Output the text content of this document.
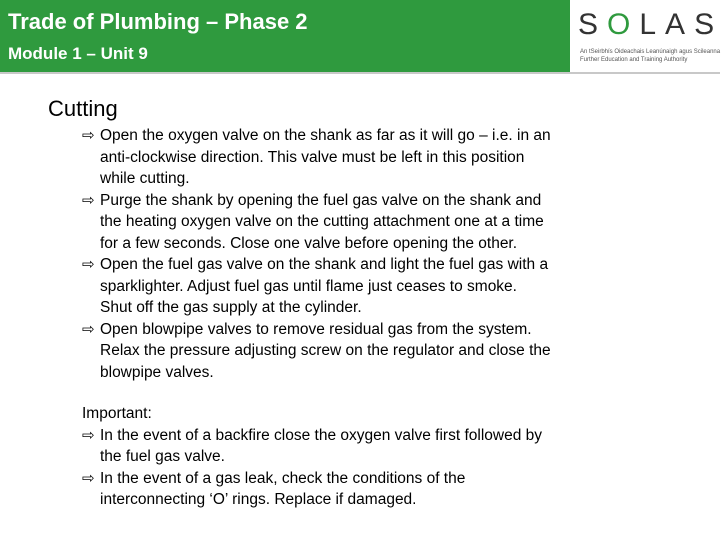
Trade of Plumbing – Phase 2
Module 1 – Unit 9
SOLAS
An tSeirbhís Oideachais Leanúnaigh agus Scileanna
Further Education and Training Authority
Cutting
⇨ Open the oxygen valve on the shank as far as it will go – i.e. in an
anti-clockwise direction. This valve must be left in this position
while cutting.
⇨ Purge the shank by opening the fuel gas valve on the shank and
the heating oxygen valve on the cutting attachment one at a time
for a few seconds. Close one valve before opening the other.
⇨ Open the fuel gas valve on the shank and light the fuel gas with a
sparklighter. Adjust fuel gas until flame just ceases to smoke.
Shut off the gas supply at the cylinder.
⇨ Open blowpipe valves to remove residual gas from the system.
Relax the pressure adjusting screw on the regulator and close the
blowpipe valves.
Important:
⇨ In the event of a backfire close the oxygen valve first followed by
the fuel gas valve.
⇨ In the event of a gas leak, check the conditions of the
interconnecting ‘O’ rings. Replace if damaged.
